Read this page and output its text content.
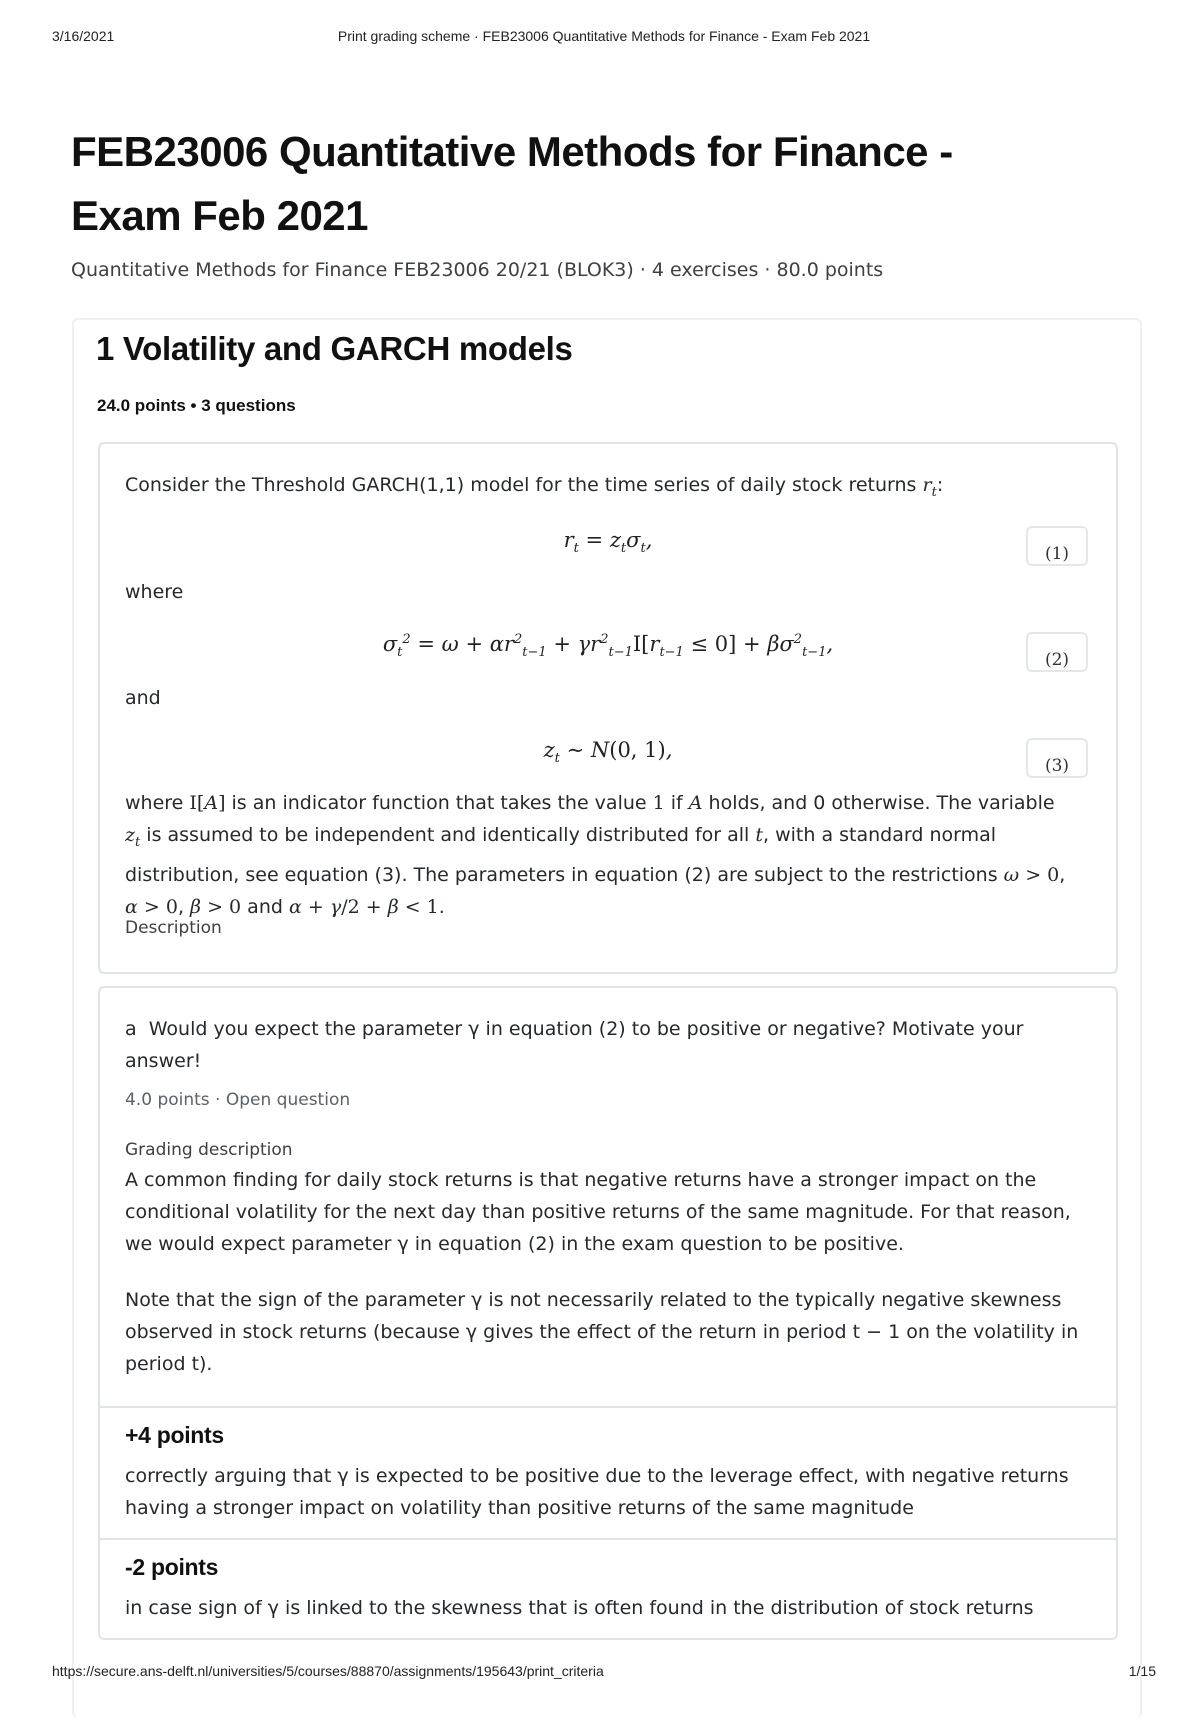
3/16/2021	Print grading scheme · FEB23006 Quantitative Methods for Finance - Exam Feb 2021
FEB23006 Quantitative Methods for Finance -
Exam Feb 2021
Quantitative Methods for Finance FEB23006 20/21 (BLOK3) · 4 exercises · 80.0 points
1 Volatility and GARCH models
24.0 points • 3 questions
Consider the Threshold GARCH(1,1) model for the time series of daily stock returns $r_t$:
$r_t = z_t\sigma_t$,
(1)
where
$\sigma_t^2 = \omega + \alpha r^2_{t-1} + \gamma r^2_{t-1}I[r_{t-1} \le 0] + \beta\sigma^2_{t-1}$,
(2)
and
$z_t$ ∼ N(0, 1),
(3)
where I[A] is an indicator function that takes the value 1 if A holds, and 0 otherwise. The variable
$z_t$ is assumed to be independent and identically distributed for all t, with a standard normal
distribution, see equation (3). The parameters in equation (2) are subject to the restrictions ω > 0,
α > 0, β > 0 and α + γ/2 + β < 1.
Description
a Would you expect the parameter γ in equation (2) to be positive or negative? Motivate your
answer!
4.0 points · Open question
Grading description
A common finding for daily stock returns is that negative returns have a stronger impact on the
conditional volatility for the next day than positive returns of the same magnitude. For that reason,
we would expect parameter γ in equation (2) in the exam question to be positive.
Note that the sign of the parameter γ is not necessarily related to the typically negative skewness
observed in stock returns (because γ gives the effect of the return in period t − 1 on the volatility in
period t).
+4 points
correctly arguing that γ is expected to be positive due to the leverage effect, with negative returns
having a stronger impact on volatility than positive returns of the same magnitude
-2 points
in case sign of γ is linked to the skewness that is often found in the distribution of stock returns
https://secure.ans-delft.nl/universities/5/courses/88870/assignments/195643/print_criteria	1/15
